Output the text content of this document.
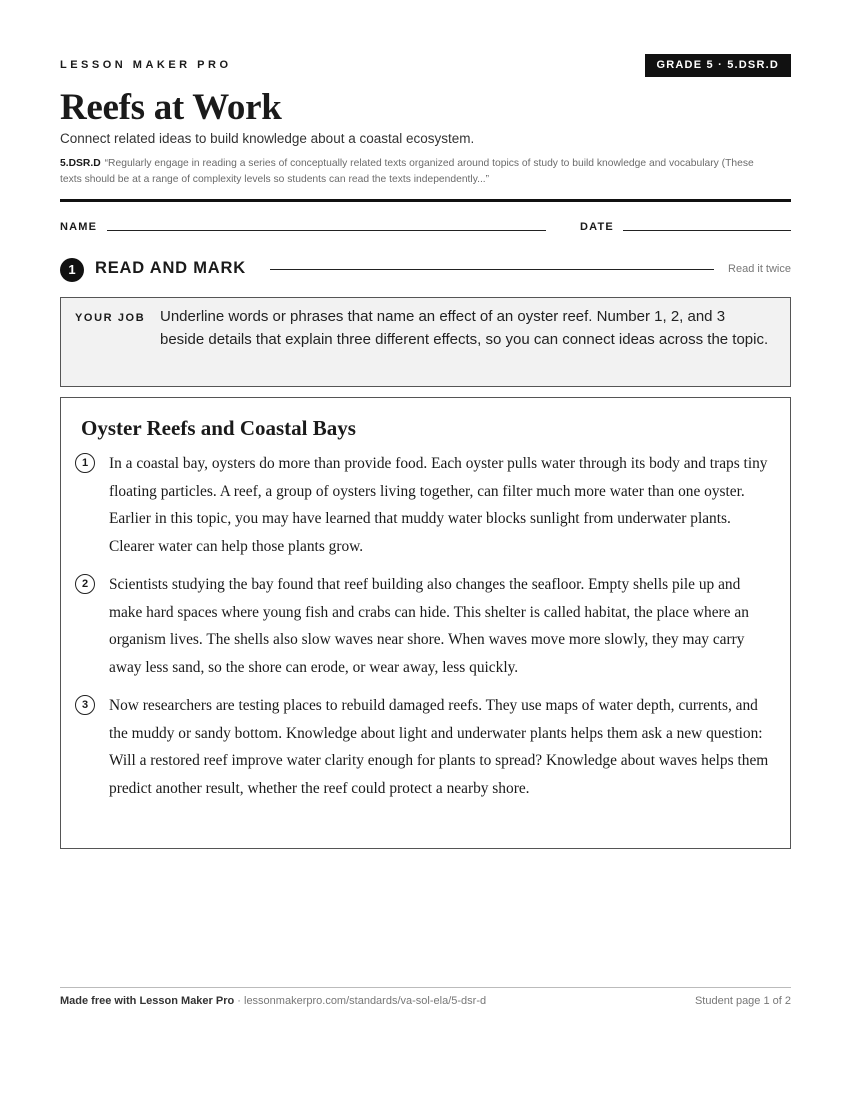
LESSON MAKER PRO	GRADE 5 · 5.DSR.D
Reefs at Work
Connect related ideas to build knowledge about a coastal ecosystem.
5.DSR.D “Regularly engage in reading a series of conceptually related texts organized around topics of study to build knowledge and vocabulary (These texts should be at a range of complexity levels so students can read the texts independently...”
NAME	DATE
1	READ AND MARK	Read it twice
YOUR JOB Underline words or phrases that name an effect of an oyster reef. Number 1, 2, and 3 beside details that explain three different effects, so you can connect ideas across the topic.
Oyster Reefs and Coastal Bays
1	In a coastal bay, oysters do more than provide food. Each oyster pulls water through its body and traps tiny floating particles. A reef, a group of oysters living together, can filter much more water than one oyster. Earlier in this topic, you may have learned that muddy water blocks sunlight from underwater plants. Clearer water can help those plants grow.

2	Scientists studying the bay found that reef building also changes the seafloor. Empty shells pile up and make hard spaces where young fish and crabs can hide. This shelter is called habitat, the place where an organism lives. The shells also slow waves near shore. When waves move more slowly, they may carry away less sand, so the shore can erode, or wear away, less quickly.

3	Now researchers are testing places to rebuild damaged reefs. They use maps of water depth, currents, and the muddy or sandy bottom. Knowledge about light and underwater plants helps them ask a new question: Will a restored reef improve water clarity enough for plants to spread? Knowledge about waves helps them predict another result, whether the reef could protect a nearby shore.

Made free with Lesson Maker Pro · lessonmakerpro.com/standards/va-sol-ela/5-dsr-d	Student page 1 of 2
